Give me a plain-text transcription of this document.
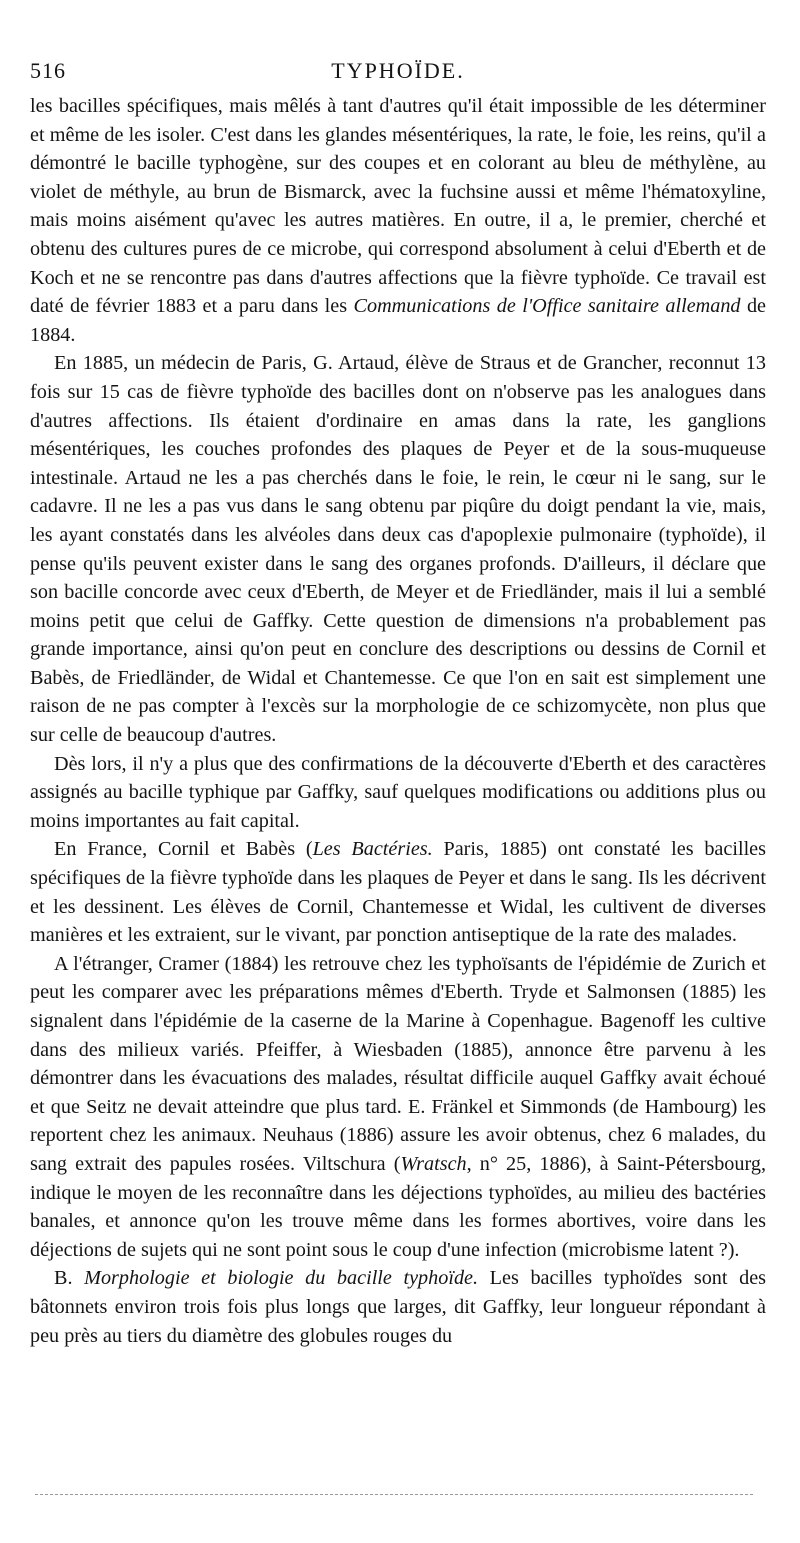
516	TYPHOÏDE.

les bacilles spécifiques, mais mêlés à tant d'autres qu'il était impossible de les déterminer et même de les isoler. C'est dans les glandes mésentériques, la rate, le foie, les reins, qu'il a démontré le bacille typhogène, sur des coupes et en colorant au bleu de méthylène, au violet de méthyle, au brun de Bismarck, avec la fuchsine aussi et même l'hématoxyline, mais moins aisément qu'avec les autres matières. En outre, il a, le premier, cherché et obtenu des cultures pures de ce microbe, qui correspond absolument à celui d'Eberth et de Koch et ne se rencontre pas dans d'autres affections que la fièvre typhoïde. Ce travail est daté de février 1883 et a paru dans les Communications de l'Office sanitaire allemand de 1884.

En 1885, un médecin de Paris, G. Artaud, élève de Straus et de Grancher, reconnut 13 fois sur 15 cas de fièvre typhoïde des bacilles dont on n'observe pas les analogues dans d'autres affections. Ils étaient d'ordinaire en amas dans la rate, les ganglions mésentériques, les couches profondes des plaques de Peyer et de la sous-muqueuse intestinale. Artaud ne les a pas cherchés dans le foie, le rein, le cœur ni le sang, sur le cadavre. Il ne les a pas vus dans le sang obtenu par piqûre du doigt pendant la vie, mais, les ayant constatés dans les alvéoles dans deux cas d'apoplexie pulmonaire (typhoïde), il pense qu'ils peuvent exister dans le sang des organes profonds. D'ailleurs, il déclare que son bacille concorde avec ceux d'Eberth, de Meyer et de Friedländer, mais il lui a semblé moins petit que celui de Gaffky. Cette question de dimensions n'a probablement pas grande importance, ainsi qu'on peut en conclure des descriptions ou dessins de Cornil et Babès, de Friedländer, de Widal et Chantemesse. Ce que l'on en sait est simplement une raison de ne pas compter à l'excès sur la morphologie de ce schizomycète, non plus que sur celle de beaucoup d'autres.

Dès lors, il n'y a plus que des confirmations de la découverte d'Eberth et des caractères assignés au bacille typhique par Gaffky, sauf quelques modifications ou additions plus ou moins importantes au fait capital.

En France, Cornil et Babès (Les Bactéries. Paris, 1885) ont constaté les bacilles spécifiques de la fièvre typhoïde dans les plaques de Peyer et dans le sang. Ils les décrivent et les dessinent. Les élèves de Cornil, Chantemesse et Widal, les cultivent de diverses manières et les extraient, sur le vivant, par ponction antiseptique de la rate des malades.

A l'étranger, Cramer (1884) les retrouve chez les typhoïsants de l'épidémie de Zurich et peut les comparer avec les préparations mêmes d'Eberth. Tryde et Salmonsen (1885) les signalent dans l'épidémie de la caserne de la Marine à Copenhague. Bagenoff les cultive dans des milieux variés. Pfeiffer, à Wiesbaden (1885), annonce être parvenu à les démontrer dans les évacuations des malades, résultat difficile auquel Gaffky avait échoué et que Seitz ne devait atteindre que plus tard. E. Fränkel et Simmonds (de Hambourg) les reportent chez les animaux. Neuhaus (1886) assure les avoir obtenus, chez 6 malades, du sang extrait des papules rosées. Viltschura (Wratsch, n° 25, 1886), à Saint-Pétersbourg, indique le moyen de les reconnaître dans les déjections typhoïdes, au milieu des bactéries banales, et annonce qu'on les trouve même dans les formes abortives, voire dans les déjections de sujets qui ne sont point sous le coup d'une infection (microbisme latent ?).

B. Morphologie et biologie du bacille typhoïde. Les bacilles typhoïdes sont des bâtonnets environ trois fois plus longs que larges, dit Gaffky, leur longueur répondant à peu près au tiers du diamètre des globules rouges du
